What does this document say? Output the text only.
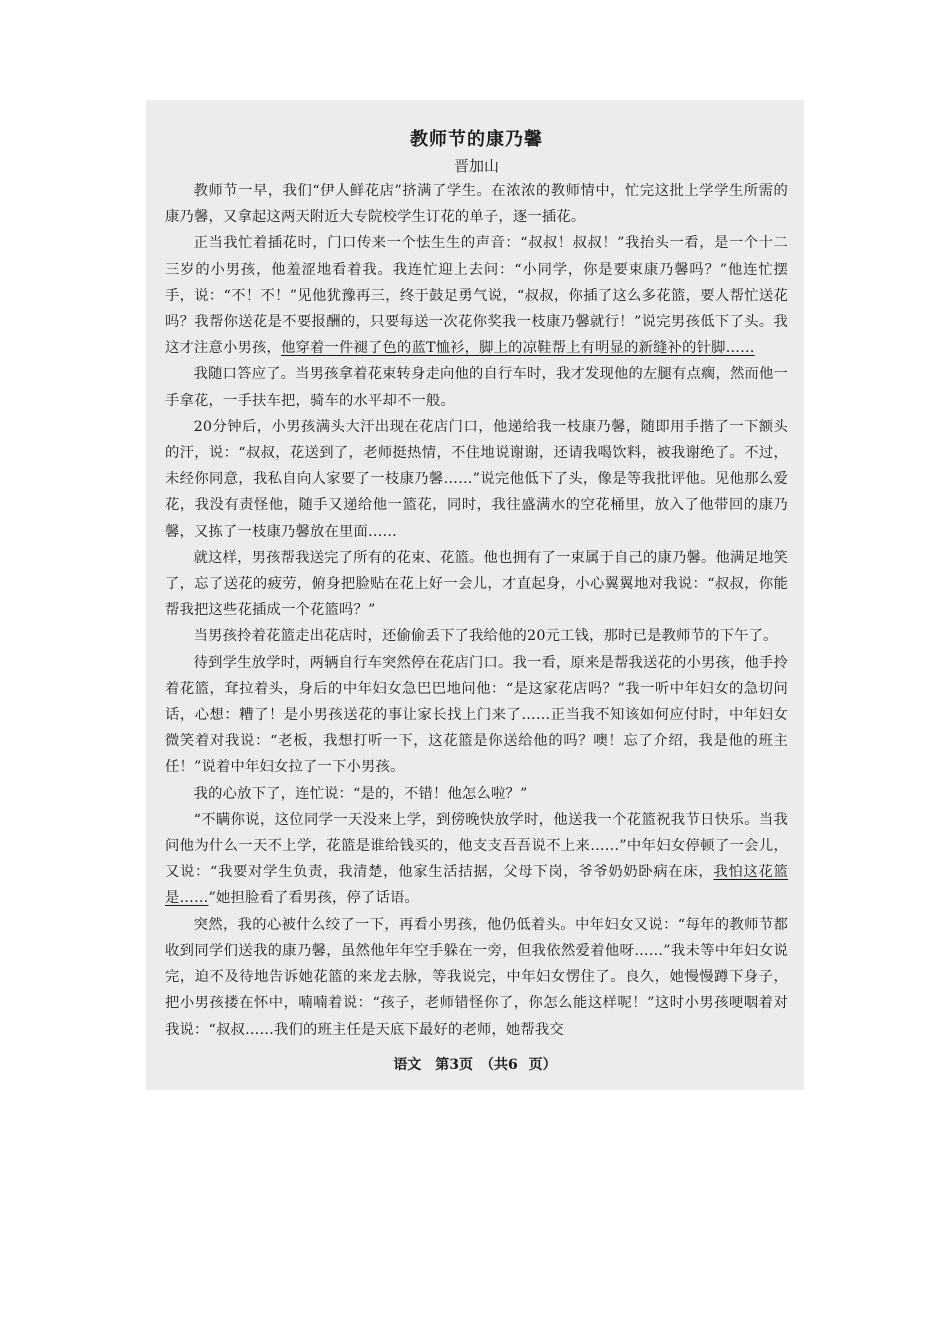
教师节的康乃馨
晋加山

教师节一早，我们“伊人鲜花店”挤满了学生。在浓浓的教师情中，忙完这批上学学生所需的康乃馨，又拿起这两天附近大专院校学生订花的单子，逐一插花。

正当我忙着插花时，门口传来一个怯生生的声音：“叔叔！叔叔！”我抬头一看，是一个十二三岁的小男孩，他羞涩地看着我。我连忙迎上去问：“小同学，你是要束康乃馨吗？”他连忙摆手，说：“不！不！”见他犹豫再三，终于鼓足勇气说，“叔叔，你插了这么多花篮，要人帮忙送花吗？我帮你送花是不要报酬的，只要每送一次花你奖我一枝康乃馨就行！”说完男孩低下了头。我这才注意小男孩，他穿着一件褪了色的蓝T恤衫，脚上的凉鞋帮上有明显的新缝补的针脚……

我随口答应了。当男孩拿着花束转身走向他的自行车时，我才发现他的左腿有点瘸，然而他一手拿花，一手扶车把，骑车的水平却不一般。

20分钟后，小男孩满头大汗出现在花店门口，他递给我一枝康乃馨，随即用手揩了一下额头的汗，说：“叔叔，花送到了，老师挺热情，不住地说谢谢，还请我喝饮料，被我谢绝了。不过，未经你同意，我私自向人家要了一枝康乃馨……”说完他低下了头，像是等我批评他。见他那么爱花，我没有责怪他，随手又递给他一篮花，同时，我往盛满水的空花桶里，放入了他带回的康乃馨，又拣了一枝康乃馨放在里面……

就这样，男孩帮我送完了所有的花束、花篮。他也拥有了一束属于自己的康乃馨。他满足地笑了，忘了送花的疲劳，俯身把脸贴在花上好一会儿，才直起身，小心翼翼地对我说：“叔叔，你能帮我把这些花插成一个花篮吗？”

当男孩拎着花篮走出花店时，还偷偷丢下了我给他的20元工钱，那时已是教师节的下午了。

待到学生放学时，两辆自行车突然停在花店门口。我一看，原来是帮我送花的小男孩，他手拎着花篮，耷拉着头，身后的中年妇女急巴巴地问他：“是这家花店吗？”我一听中年妇女的急切问话，心想：糟了！是小男孩送花的事让家长找上门来了……正当我不知该如何应付时，中年妇女微笑着对我说：“老板，我想打听一下，这花篮是你送给他的吗？噢！忘了介绍，我是他的班主任！”说着中年妇女拉了一下小男孩。

我的心放下了，连忙说：“是的，不错！他怎么啦？”

“不瞒你说，这位同学一天没来上学，到傍晚快放学时，他送我一个花篮祝我节日快乐。当我问他为什么一天不上学，花篮是谁给钱买的，他支支吾吾说不上来……”中年妇女停顿了一会儿，又说：“我要对学生负责，我清楚，他家生活拮据，父母下岗，爷爷奶奶卧病在床，我怕这花篮是……”她担脸看了看男孩，停了话语。

突然，我的心被什么绞了一下，再看小男孩，他仍低着头。中年妇女又说：“每年的教师节都收到同学们送我的康乃馨，虽然他年年空手躲在一旁，但我依然爱着他呀……”我未等中年妇女说完，迫不及待地告诉她花篮的来龙去脉，等我说完，中年妇女愣住了。良久，她慢慢蹲下身子，把小男孩搂在怀中，喃喃着说：“孩子，老师错怪你了，你怎么能这样呢！”这时小男孩哽咽着对我说：“叔叔……我们的班主任是天底下最好的老师，她帮我交

语文　第3页　（共6 页）
